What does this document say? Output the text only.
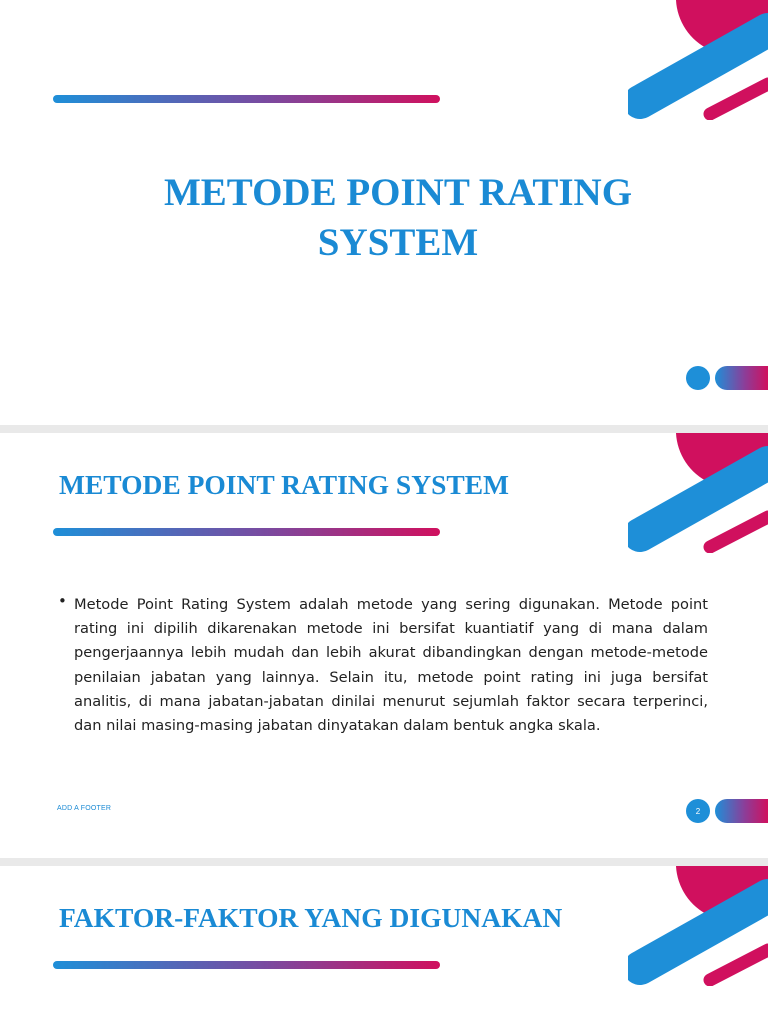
METODE POINT RATING
SYSTEM
METODE POINT RATING SYSTEM
• Metode Point Rating System adalah metode yang sering digunakan. Metode point rating ini dipilih dikarenakan metode ini bersifat kuantiatif yang di mana dalam pengerjaannya lebih mudah dan lebih akurat dibandingkan dengan metode-metode penilaian jabatan yang lainnya. Selain itu, metode point rating ini juga bersifat analitis, di mana jabatan-jabatan dinilai menurut sejumlah faktor secara terperinci, dan nilai masing-masing jabatan dinyatakan dalam bentuk angka skala.

ADD A FOOTER	2
FAKTOR-FAKTOR YANG DIGUNAKAN
